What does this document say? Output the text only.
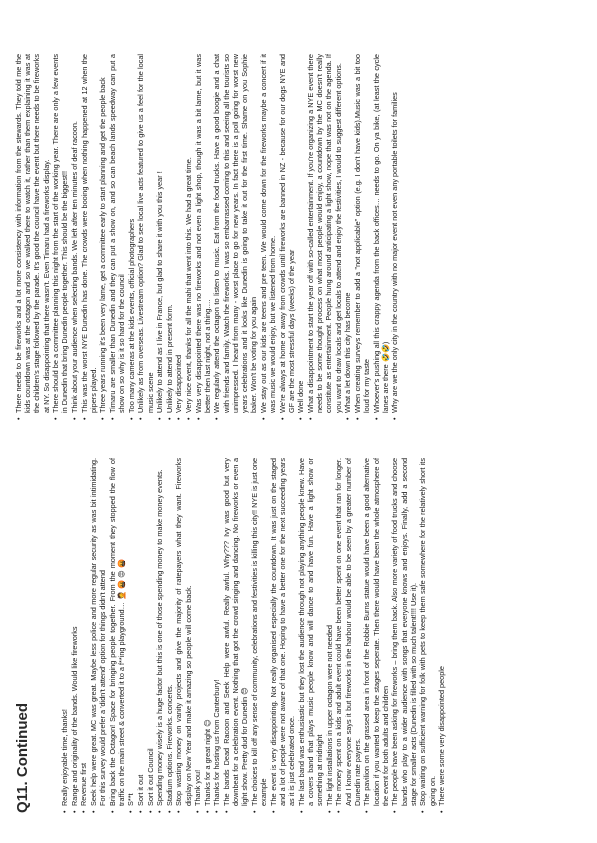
Q11. Continued	• Really enjoyable time, thanks! • Range and originality of the bands. Would like fireworks • Revenue first • Seek help were great. MC was great. Maybe less police and more regular security as was bit intimidating. For this survey would prefer a 'didn't attend' option for things didn't attend • Bring back the Octagon! Space for bringing people together. From the moment they stopped the flow of traffic on the main street & converted it to a f**ing playground… 🤦 🤬 😡 🤬 • S**t • Sort it out • Sort it out Council • Spending money wisely is a huge factor but this is one of those spending money to make money events. • Stadium options. Fireworks. concerts. • Stop wasting money on vanity projects and give the majority of ratepayers what they want. Fireworks display on New Year and make it amazing so people will come back. • Thank you! • Thanks for a great night 😊 • Thanks for hosting us from Canterbury! • The bands Dead Racoon and Seek Help were awful. Really awful. Why??? Ivy was good but very downbeat for a celebration event. Nothing that got the crowd singing and dancing. No fireworks or even a light show. Pretty dud for Dunedin 😞 • The choices to kill off any sense of community, celebrations and festivities is killing this city!! NYE is just one example • The event is very disappointing. Not really organised especially the countdown. It was just on the staged and a lot of people were not aware of that one. Hoping to have a better one for the next succeeding years as it is just celebrated once. • The last band was enthusiastic but they lost the audience through not playing anything people knew. Have a covers band that plays music people know and will dance to and have fun. Have a light show or something at midnight • The light installations in upper octagon were not needed • The money spent on a kids and adult event could have been better spent on one event that ran for longer. And I know everyone says it but fireworks in the harbour would be able to be seen by a greater number of Dunedin rate payers. • The pavilion on the grassed area in front of the Robbie Burns statue would have been a good alternative location if you wanted to keep the stages seperate. Then there would have been the whole atmosphere of the event for both adults and children • The people have been asking for fireworks – bring them back. Also more variety of food trucks and choose bands who play to a wider audience with songs that everyone knows and enjoys. Finally, add a second stage for smaller acts (Dunedin is filled with so much talent!!!! Use it). • Stop waiting on sufficient warning for folk with pets to keep them safe somewhere for the relatively short its going on. • There were some very disappointed people
• There needs to be fireworks and a lot more consistency with information from the stewards. They told me the kids countdown was at the octagon and so we walked there to watch it, rather than them explaining it was at the children's stage followed by the parade. It's good the council have the event but there needs to be fireworks at NY. So disappointing that there wasn't. Even Timaru had a fireworks display. • There should be a committee planning this night from the start of the working year. There are only a few events in Dunedin that bring Dunedin people together. This should be the biggest!! • Think about your audience when selecting bands. We left after ten minutes of deaf racoon. • This was the worst NYE Dunedin has done. The crowds were booing when nothing happened at 12 when the pipers played. • Three years running it's been very lame, get a committee early to start planning and get the people back • Timaru are smaller than Dunedin and they can put a show on, and so can beach lands speedway can put a show on so why is it so hard for the council • Too many cameras at the kids events, official photographers • Unlikely as from overseas. Livestream option? Glad to see local live acts featured to give us a feel for the local music scene • Unlikely to attend as I live in France, but glad to share it with you this year ! • Unlikely to attend in present form. • Very disappointed • Very nice event, thanks for all the mahi that went into this. We had a great time. • Was very disappointed there was no fireworks and not even a light shop, though it was a bit lame, but it was better then last night, not a thing…. • We regularly attend the octagon to listen to music. Eat from the food trucks. Have a good boogie and a chat with friends and family. Watch the fireworks. I was so embarrassed coming to this and seeing all the tourists so unimpressed. I heard from many - worst place to go for new years. In fact there is a poll going for worst new years celebrations and it looks like Dunedin is going to take it out for the first time. Shame on you Sophie baker. Won't be voting for you again • We stay out as our kids are teens and pre teen. We would come down for the fireworks maybe a concert if it was music we would enjoy, but we listened from home. • We're always at home or away from crowds until fireworks are banned in NZ - because for our dogs NYE and GF are the most stressful days (weeks) of the year • Well done • What a disappointment to start the year off with so-called entertainment. If you're organizing a NYE event there needs to be some thought process on what most people would enjoy, a countdown by the MC doesn't really constitute as entertainment. People hung around anticipating a light show, nope that was not on the agenda. If you want to draw locals and get locals to attend and enjoy the festivities, I would to suggest different options. • What a let down this city has become • When creating surveys remember to add a "not applicable" option (e.g. I don't have kids).Music was a bit too loud for my taste • Whoever's pushing all this crappy agenda from the back offices… needs to go. On ya bike, (at least the cycle lanes are there 🤣🤣) • Why are we the only city in the country with no major event not even any portable toilets for families
